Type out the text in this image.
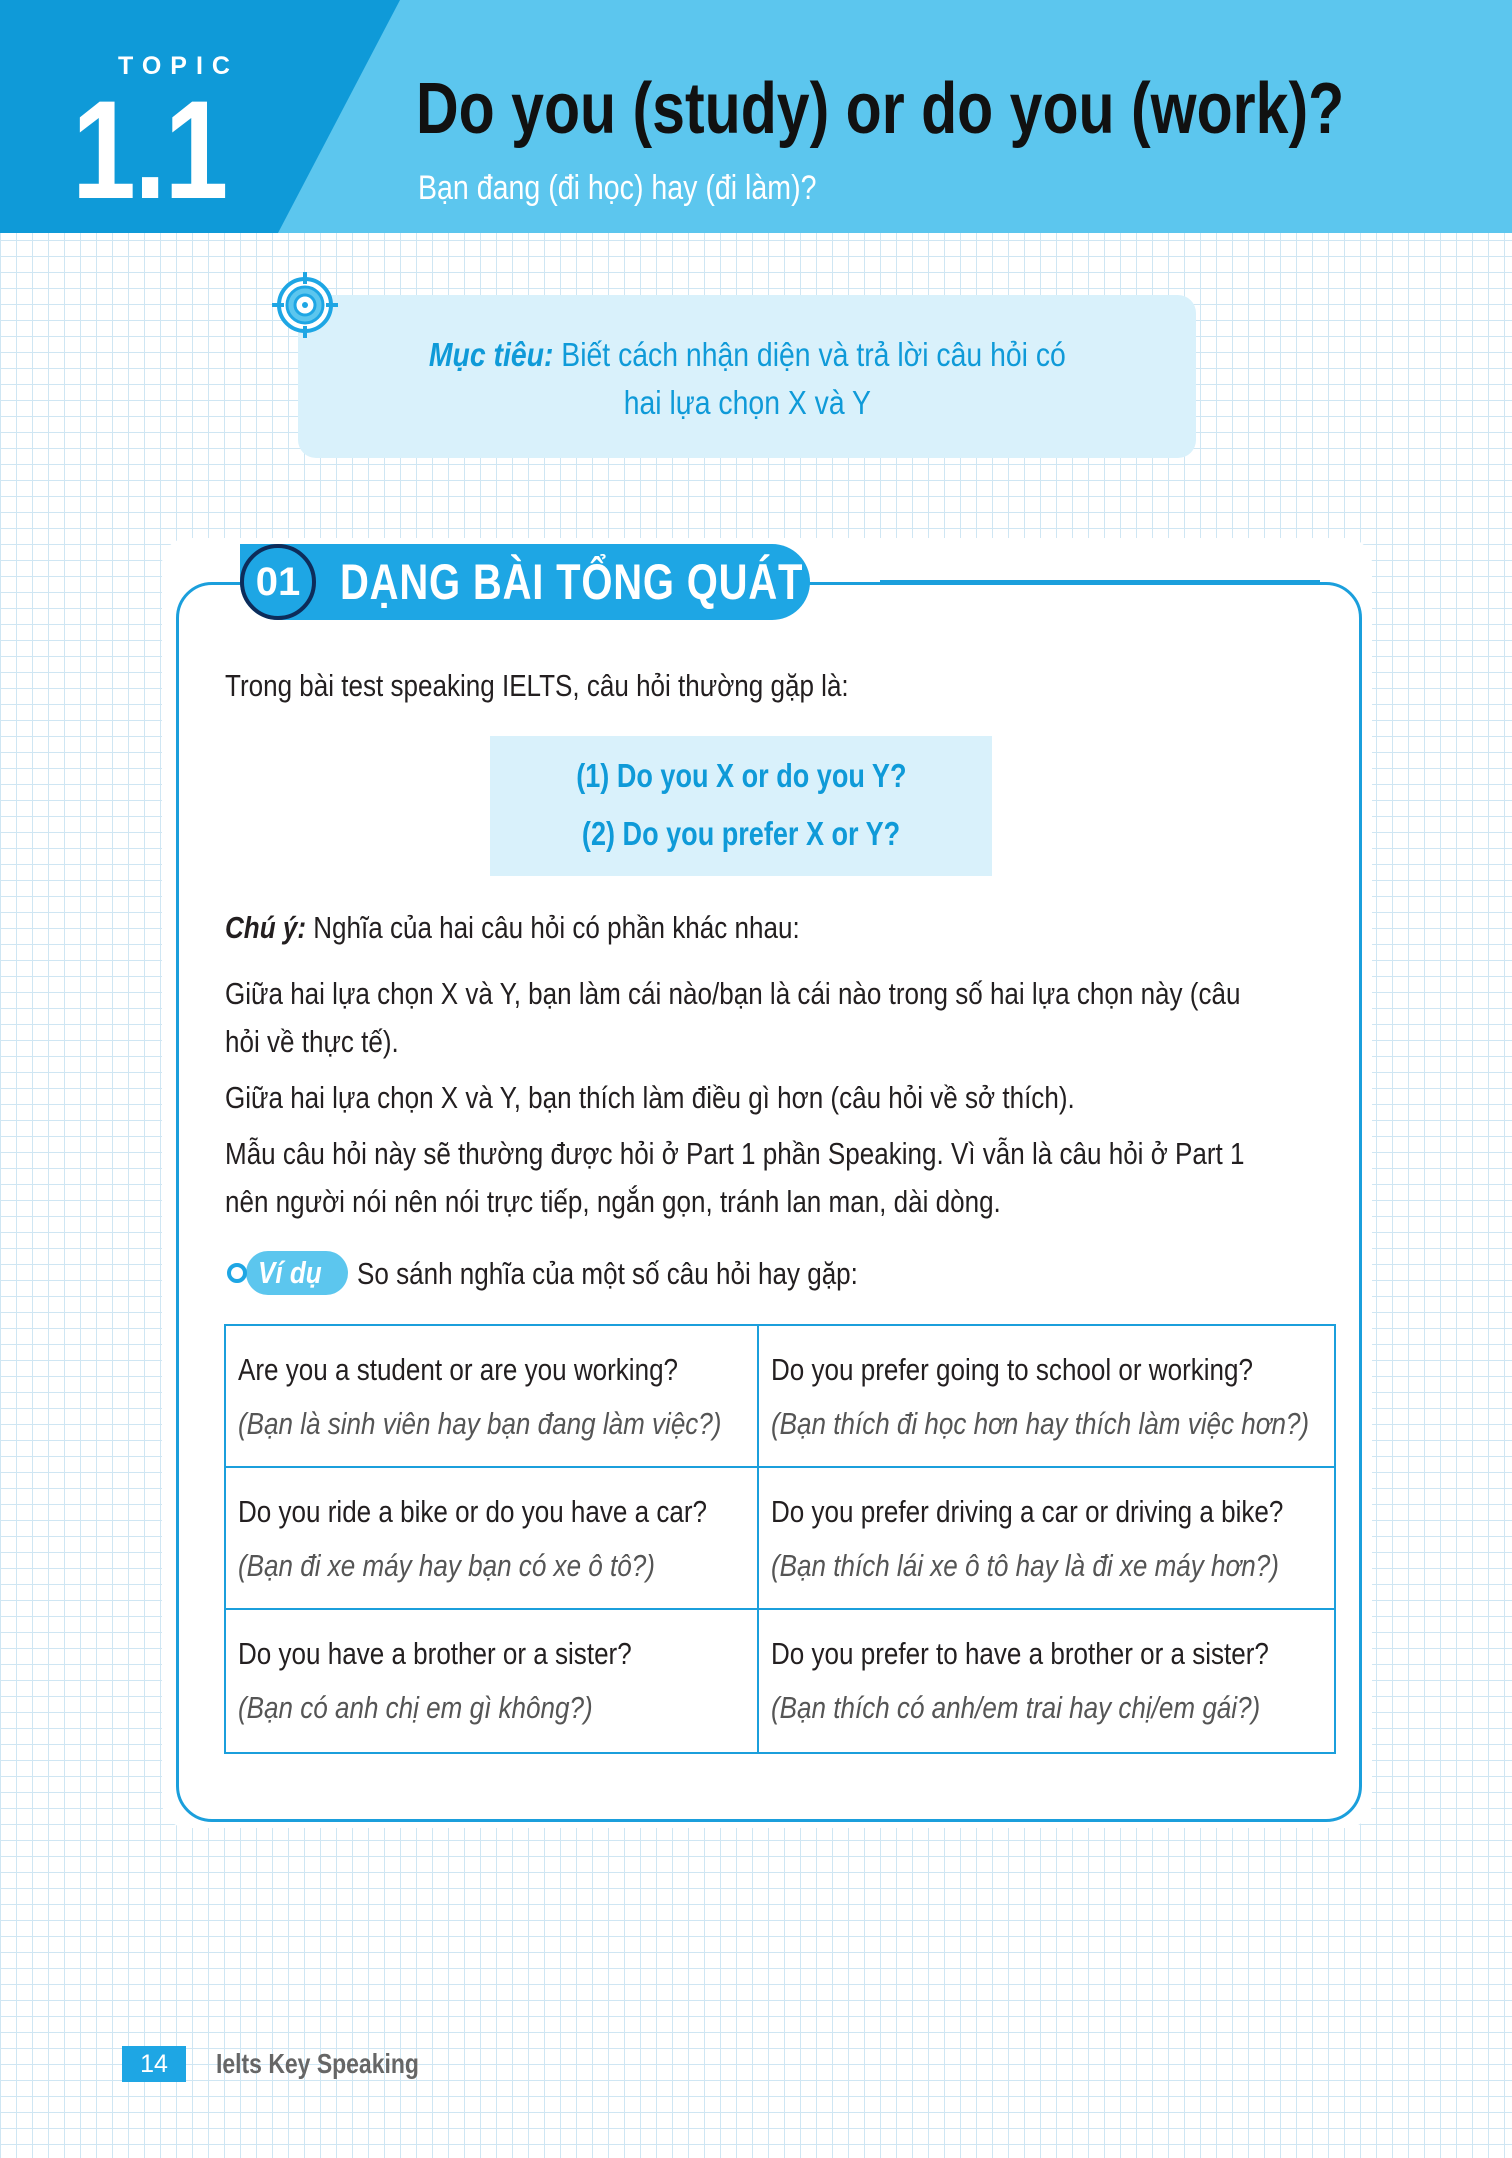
TOPIC
1.1	Do you (study) or do you (work)?
Bạn đang (đi học) hay (đi làm)?
Mục tiêu: Biết cách nhận diện và trả lời câu hỏi có
hai lựa chọn X và Y
01 DẠNG BÀI TỔNG QUÁT
Trong bài test speaking IELTS, câu hỏi thường gặp là:
(1) Do you X or do you Y?
(2) Do you prefer X or Y?
Chú ý: Nghĩa của hai câu hỏi có phần khác nhau:
Giữa hai lựa chọn X và Y, bạn làm cái nào/bạn là cái nào trong số hai lựa chọn này (câu
hỏi về thực tế).
Giữa hai lựa chọn X và Y, bạn thích làm điều gì hơn (câu hỏi về sở thích).
Mẫu câu hỏi này sẽ thường được hỏi ở Part 1 phần Speaking. Vì vẫn là câu hỏi ở Part 1
nên người nói nên nói trực tiếp, ngắn gọn, tránh lan man, dài dòng.
Ví dụ So sánh nghĩa của một số câu hỏi hay gặp:
Are you a student or are you working?
(Bạn là sinh viên hay bạn đang làm việc?)
Do you prefer going to school or working?
(Bạn thích đi học hơn hay thích làm việc hơn?)
Do you ride a bike or do you have a car?
(Bạn đi xe máy hay bạn có xe ô tô?)
Do you prefer driving a car or driving a bike?
(Bạn thích lái xe ô tô hay là đi xe máy hơn?)
Do you have a brother or a sister?
(Bạn có anh chị em gì không?)
Do you prefer to have a brother or a sister?
(Bạn thích có anh/em trai hay chị/em gái?)
14	Ielts Key Speaking
